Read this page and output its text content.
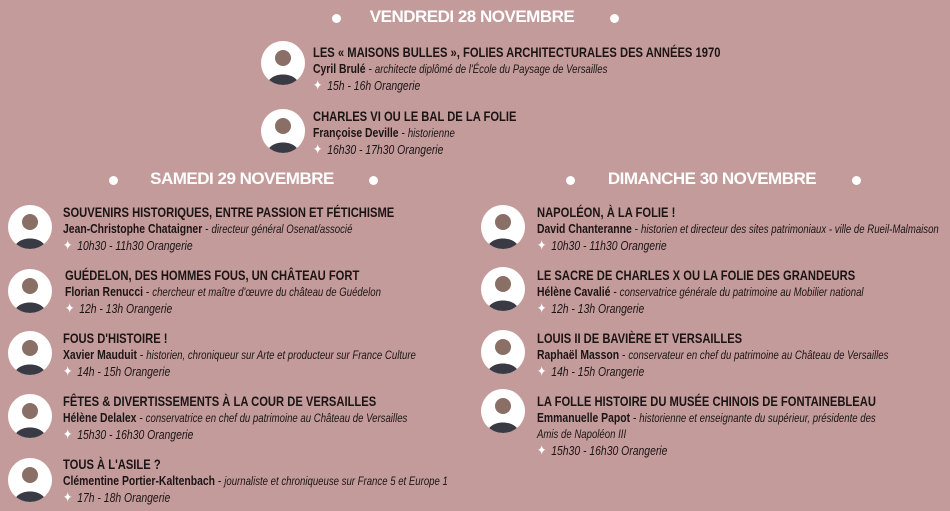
VENDREDI 28 NOVEMBRE
SAMEDI 29 NOVEMBRE	DIMANCHE 30 NOVEMBRE
LES « MAISONS BULLES », FOLIES ARCHITECTURALES DES ANNÉES 1970
Cyril Brulé - architecte diplômé de l'École du Paysage de Versailles
✦ 15h - 16h Orangerie
CHARLES VI OU LE BAL DE LA FOLIE
Françoise Deville - historienne
✦ 16h30 - 17h30 Orangerie
SOUVENIRS HISTORIQUES, ENTRE PASSION ET FÉTICHISME
Jean-Christophe Chataigner - directeur général Osenat/associé
✦ 10h30 - 11h30 Orangerie
GUÉDELON, DES HOMMES FOUS, UN CHÂTEAU FORT
Florian Renucci - chercheur et maître d'œuvre du château de Guédelon
✦ 12h - 13h Orangerie
FOUS D'HISTOIRE !
Xavier Mauduit - historien, chroniqueur sur Arte et producteur sur France Culture
✦ 14h - 15h Orangerie
FÊTES & DIVERTISSEMENTS À LA COUR DE VERSAILLES
Hélène Delalex - conservatrice en chef du patrimoine au Château de Versailles
✦ 15h30 - 16h30 Orangerie
TOUS À L'ASILE ?
Clémentine Portier-Kaltenbach - journaliste et chroniqueuse sur France 5 et Europe 1
✦ 17h - 18h Orangerie
NAPOLÉON, À LA FOLIE !
David Chanteranne - historien et directeur des sites patrimoniaux - ville de Rueil-Malmaison
✦ 10h30 - 11h30 Orangerie
LE SACRE DE CHARLES X OU LA FOLIE DES GRANDEURS
Hélène Cavalié - conservatrice générale du patrimoine au Mobilier national
✦ 12h - 13h Orangerie
LOUIS II DE BAVIÈRE ET VERSAILLES
Raphaël Masson - conservateur en chef du patrimoine au Château de Versailles
✦ 14h - 15h Orangerie
LA FOLLE HISTOIRE DU MUSÉE CHINOIS DE FONTAINEBLEAU
Emmanuelle Papot - historienne et enseignante du supérieur, présidente des
Amis de Napoléon III
✦ 15h30 - 16h30 Orangerie
